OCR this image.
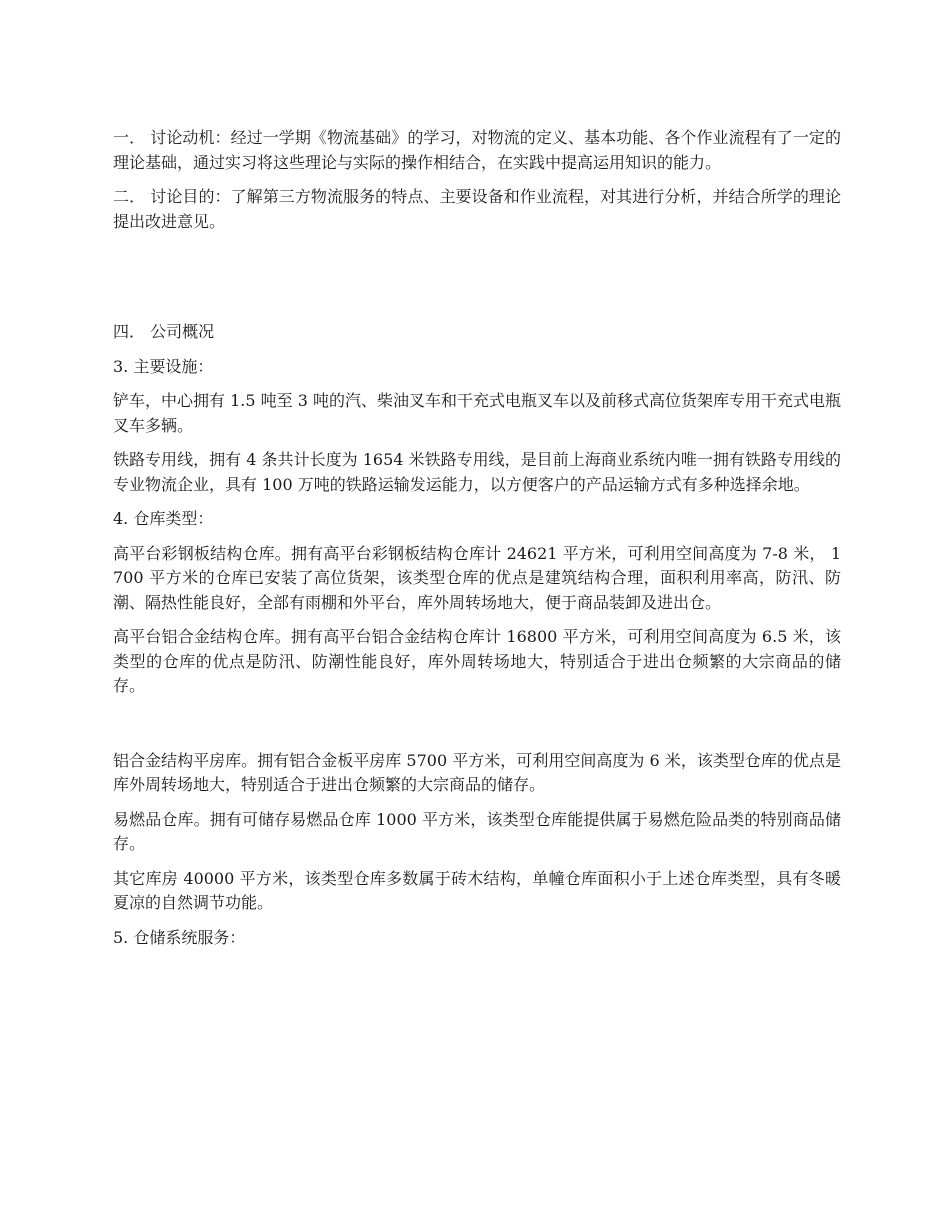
一． 讨论动机：经过一学期《物流基础》的学习，对物流的定义、基本功能、各个作业流程有了一定的理论基础，通过实习将这些理论与实际的操作相结合，在实践中提高运用知识的能力。

二． 讨论目的：了解第三方物流服务的特点、主要设备和作业流程，对其进行分析，并结合所学的理论提出改进意见。

四． 公司概况

3. 主要设施：

铲车，中心拥有 1.5 吨至 3 吨的汽、柴油叉车和干充式电瓶叉车以及前移式高位货架库专用干充式电瓶叉车多辆。

铁路专用线，拥有 4 条共计长度为 1654 米铁路专用线，是目前上海商业系统内唯一拥有铁路专用线的专业物流企业，具有 100 万吨的铁路运输发运能力，以方便客户的产品运输方式有多种选择余地。

4. 仓库类型：

高平台彩钢板结构仓库。拥有高平台彩钢板结构仓库计 24621 平方米，可利用空间高度为 7-8 米， 1700 平方米的仓库已安装了高位货架，该类型仓库的优点是建筑结构合理，面积利用率高，防汛、防潮、隔热性能良好，全部有雨棚和外平台，库外周转场地大，便于商品装卸及进出仓。

高平台铝合金结构仓库。拥有高平台铝合金结构仓库计 16800 平方米，可利用空间高度为 6.5 米，该类型的仓库的优点是防汛、防潮性能良好，库外周转场地大，特别适合于进出仓频繁的大宗商品的储存。

铝合金结构平房库。拥有铝合金板平房库 5700 平方米，可利用空间高度为 6 米，该类型仓库的优点是库外周转场地大，特别适合于进出仓频繁的大宗商品的储存。

易燃品仓库。拥有可储存易燃品仓库 1000 平方米，该类型仓库能提供属于易燃危险品类的特别商品储存。

其它库房 40000 平方米，该类型仓库多数属于砖木结构，单幢仓库面积小于上述仓库类型，具有冬暖夏凉的自然调节功能。

5. 仓储系统服务：
